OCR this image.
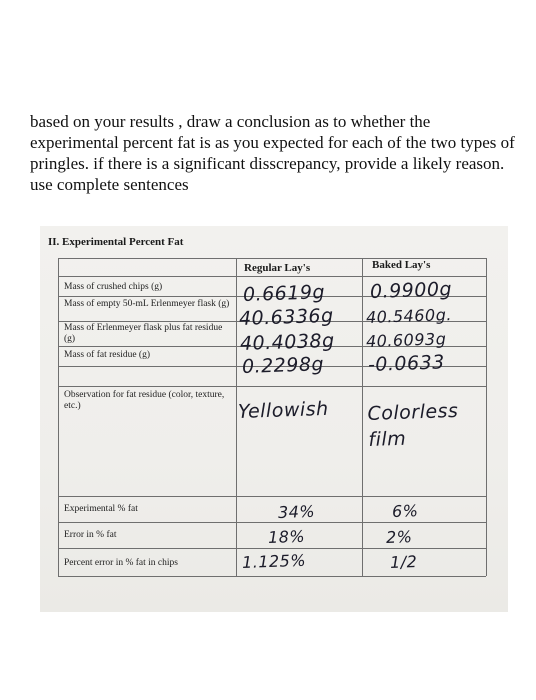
based on your results , draw a conclusion as to whether the experimental percent fat is as you expected for each of the two types of pringles. if there is a significant disscrepancy, provide a likely reason. use complete sentences
II. Experimental Percent Fat
Regular Lay's	Baked Lay's
Mass of crushed chips (g)
Mass of empty 50-mL Erlenmeyer flask (g)
Mass of Erlenmeyer flask plus fat residue (g)
Mass of fat residue (g)
Observation for fat residue (color, texture, etc.)
Experimental % fat
Error in % fat
Percent error in % fat in chips
0.6619g
40.6336g
40.4038g
0.2298g
Yellowish
34%
18%
1.125%
0.9900g
40.5460g.
40.6093g
-0.0633
Colorless film
6%
2%
1/2
